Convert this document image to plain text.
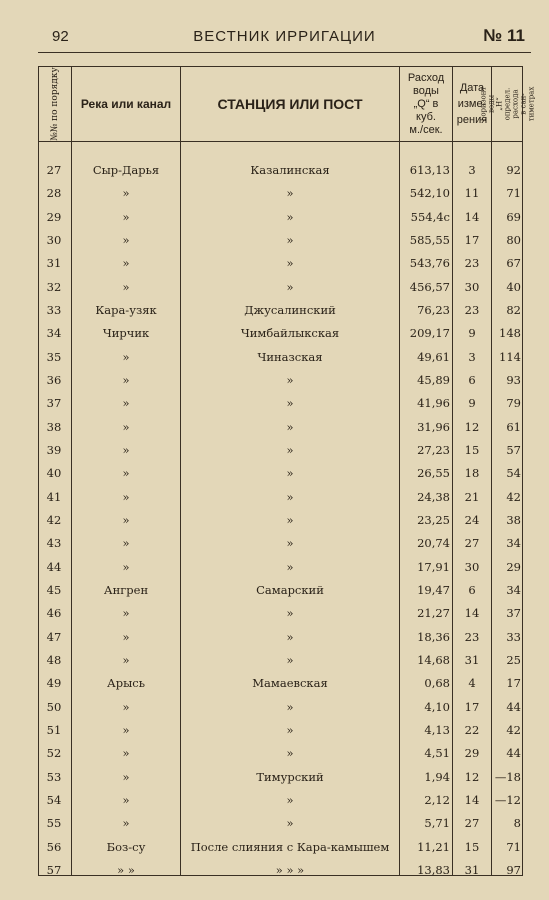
92	ВЕСТНИК ИРРИГАЦИИ	№ 11
№№ по порядку	Река или канал	СТАНЦИЯ ИЛИ ПОСТ
Расход
воды
„Q“ в
куб.
м./сек.
Дата
изме-
рения
Горизонт воды
„Н“ определ.
расхода в сан-
тиметрах
27	Сыр-Дарья	Казалинская	613,13	3	92
28	»	»	542,10	11	71
29	»	»	554,4с	14	69
30	»	»	585,55	17	80
31	»	»	543,76	23	67
32	»	»	456,57	30	40
33	Кара-узяк	Джусалинский	76,23	23	82
34	Чирчик	Чимбайлыкская	209,17	9	148
35	»	Чиназская	49,61	3	114
36	»	»	45,89	6	93
37	»	»	41,96	9	79
38	»	»	31,96	12	61
39	»	»	27,23	15	57
40	»	»	26,55	18	54
41	»	»	24,38	21	42
42	»	»	23,25	24	38
43	»	»	20,74	27	34
44	»	»	17,91	30	29
45	Ангрен	Самарский	19,47	6	34
46	»	»	21,27	14	37
47	»	»	18,36	23	33
48	»	»	14,68	31	25
49	Арысь	Мамаевская	0,68	4	17
50	»	»	4,10	17	44
51	»	»	4,13	22	42
52	»	»	4,51	29	44
53	»	Тимурский	1,94	12	—18
54	»	»	2,12	14	—12
55	»	»	5,71	27	8
56	Боз-су	После слияния с Кара-камышем	11,21	15	71
57	» »	» » »	13,83	31	97
